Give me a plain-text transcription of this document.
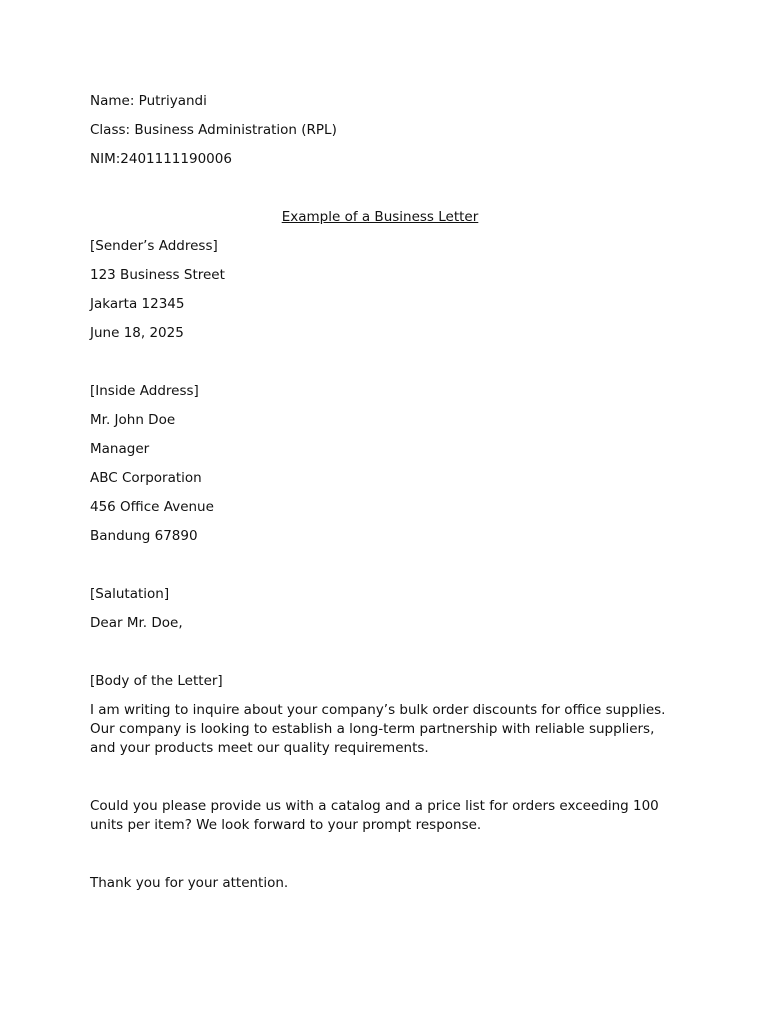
Name: Putriyandi
Class: Business Administration (RPL)
NIM:2401111190006
Example of a Business Letter
[Sender’s Address]
123 Business Street
Jakarta 12345
June 18, 2025
[Inside Address]
Mr. John Doe
Manager
ABC Corporation
456 Office Avenue
Bandung 67890
[Salutation]
Dear Mr. Doe,
[Body of the Letter]
I am writing to inquire about your company’s bulk order discounts for office supplies. Our company is looking to establish a long-term partnership with reliable suppliers, and your products meet our quality requirements.
Could you please provide us with a catalog and a price list for orders exceeding 100 units per item? We look forward to your prompt response.
Thank you for your attention.
